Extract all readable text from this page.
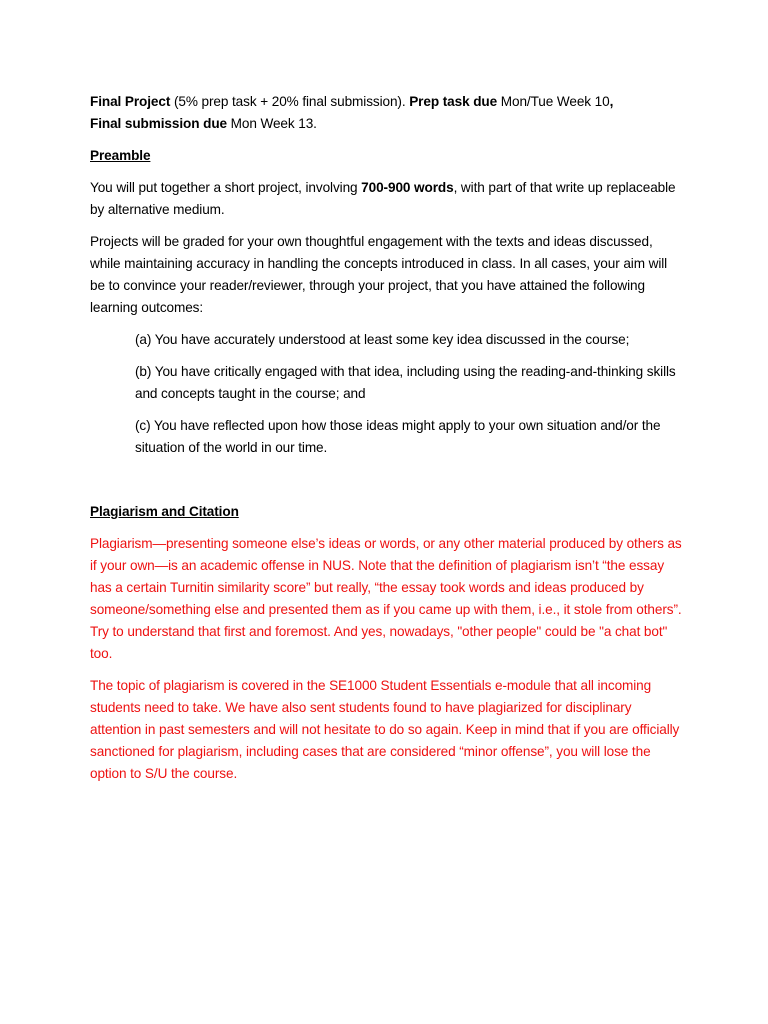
Final Project (5% prep task + 20% final submission). Prep task due Mon/Tue Week 10,
Final submission due Mon Week 13.

Preamble

You will put together a short project, involving 700-900 words, with part of that write up replaceable by alternative medium.

Projects will be graded for your own thoughtful engagement with the texts and ideas discussed, while maintaining accuracy in handling the concepts introduced in class. In all cases, your aim will be to convince your reader/reviewer, through your project, that you have attained the following learning outcomes:

(a) You have accurately understood at least some key idea discussed in the course;

(b) You have critically engaged with that idea, including using the reading-and-thinking skills and concepts taught in the course; and

(c) You have reflected upon how those ideas might apply to your own situation and/or the situation of the world in our time.

Plagiarism and Citation

Plagiarism—presenting someone else’s ideas or words, or any other material produced by others as if your own—is an academic offense in NUS. Note that the definition of plagiarism isn’t “the essay has a certain Turnitin similarity score” but really, “the essay took words and ideas produced by someone/something else and presented them as if you came up with them, i.e., it stole from others”. Try to understand that first and foremost. And yes, nowadays, "other people" could be "a chat bot" too.

The topic of plagiarism is covered in the SE1000 Student Essentials e-module that all incoming students need to take. We have also sent students found to have plagiarized for disciplinary attention in past semesters and will not hesitate to do so again. Keep in mind that if you are officially sanctioned for plagiarism, including cases that are considered “minor offense”, you will lose the option to S/U the course.
